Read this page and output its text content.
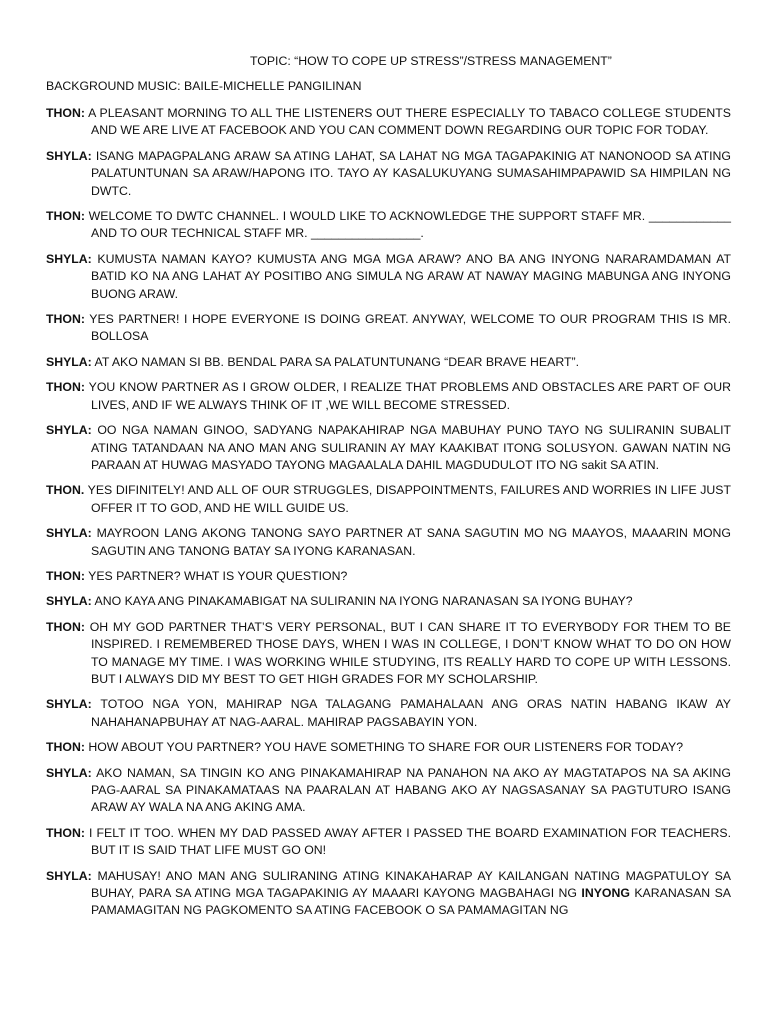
TOPIC: “HOW TO COPE UP STRESS”/STRESS MANAGEMENT”
BACKGROUND MUSIC: BAILE-MICHELLE PANGILINAN
THON: A PLEASANT MORNING TO ALL THE LISTENERS OUT THERE ESPECIALLY TO TABACO COLLEGE STUDENTS AND WE ARE LIVE AT FACEBOOK AND YOU CAN COMMENT DOWN REGARDING OUR TOPIC FOR TODAY.
SHYLA: ISANG MAPAGPALANG ARAW SA ATING LAHAT, SA LAHAT NG MGA TAGAPAKINIG AT NANONOOD SA ATING PALATUNTUNAN SA ARAW/HAPONG ITO. TAYO AY KASALUKUYANG SUMASAHIMPAPAWID SA HIMPILAN NG DWTC.
THON: WELCOME TO DWTC CHANNEL. I WOULD LIKE TO ACKNOWLEDGE THE SUPPORT STAFF MR. ____________ AND TO OUR TECHNICAL STAFF MR. ________________.
SHYLA: KUMUSTA NAMAN KAYO? KUMUSTA ANG MGA MGA ARAW? ANO BA ANG INYONG NARARAMDAMAN AT BATID KO NA ANG LAHAT AY POSITIBO ANG SIMULA NG ARAW AT NAWAY MAGING MABUNGA ANG INYONG BUONG ARAW.
THON: YES PARTNER! I HOPE EVERYONE IS DOING GREAT. ANYWAY, WELCOME TO OUR PROGRAM THIS IS MR. BOLLOSA
SHYLA: AT AKO NAMAN SI BB. BENDAL PARA SA PALATUNTUNANG “DEAR BRAVE HEART”.
THON: YOU KNOW PARTNER AS I GROW OLDER, I REALIZE THAT PROBLEMS AND OBSTACLES ARE PART OF OUR LIVES, AND IF WE ALWAYS THINK OF IT ,WE WILL BECOME STRESSED.
SHYLA: OO NGA NAMAN GINOO, SADYANG NAPAKAHIRAP NGA MABUHAY PUNO TAYO NG SULIRANIN SUBALIT ATING TATANDAAN NA ANO MAN ANG SULIRANIN AY MAY KAAKIBAT ITONG SOLUSYON. GAWAN NATIN NG PARAAN AT HUWAG MASYADO TAYONG MAGAALALA DAHIL MAGDUDULOT ITO NG sakit SA ATIN.
THON. YES DIFINITELY! AND ALL OF OUR STRUGGLES, DISAPPOINTMENTS, FAILURES AND WORRIES IN LIFE JUST OFFER IT TO GOD, AND HE WILL GUIDE US.
SHYLA: MAYROON LANG AKONG TANONG SAYO PARTNER AT SANA SAGUTIN MO NG MAAYOS, MAAARIN MONG SAGUTIN ANG TANONG BATAY SA IYONG KARANASAN.
THON: YES PARTNER? WHAT IS YOUR QUESTION?
SHYLA: ANO KAYA ANG PINAKAMABIGAT NA SULIRANIN NA IYONG NARANASAN SA IYONG BUHAY?
THON: OH MY GOD PARTNER THAT’S VERY PERSONAL, BUT I CAN SHARE IT TO EVERYBODY FOR THEM TO BE INSPIRED. I REMEMBERED THOSE DAYS, WHEN I WAS IN COLLEGE, I DON’T KNOW WHAT TO DO ON HOW TO MANAGE MY TIME. I WAS WORKING WHILE STUDYING, ITS REALLY HARD TO COPE UP WITH LESSONS. BUT I ALWAYS DID MY BEST TO GET HIGH GRADES FOR MY SCHOLARSHIP.
SHYLA: TOTOO NGA YON, MAHIRAP NGA TALAGANG PAMAHALAAN ANG ORAS NATIN HABANG IKAW AY NAHAHANAPBUHAY AT NAG-AARAL. MAHIRAP PAGSABAYIN YON.
THON: HOW ABOUT YOU PARTNER? YOU HAVE SOMETHING TO SHARE FOR OUR LISTENERS FOR TODAY?
SHYLA: AKO NAMAN, SA TINGIN KO ANG PINAKAMAHIRAP NA PANAHON NA AKO AY MAGTATAPOS NA SA AKING PAG-AARAL SA PINAKAMATAAS NA PAARALAN AT HABANG AKO AY NAGSASANAY SA PAGTUTURO ISANG ARAW AY WALA NA ANG AKING AMA.
THON: I FELT IT TOO. WHEN MY DAD PASSED AWAY AFTER I PASSED THE BOARD EXAMINATION FOR TEACHERS. BUT IT IS SAID THAT LIFE MUST GO ON!
SHYLA: MAHUSAY! ANO MAN ANG SULIRANING ATING KINAKAHARAP AY KAILANGAN NATING MAGPATULOY SA BUHAY, PARA SA ATING MGA TAGAPAKINIG AY MAAARI KAYONG MAGBAHAGI NG INYONG KARANASAN SA PAMAMAGITAN NG PAGKOMENTO SA ATING FACEBOOK O SA PAMAMAGITAN NG
